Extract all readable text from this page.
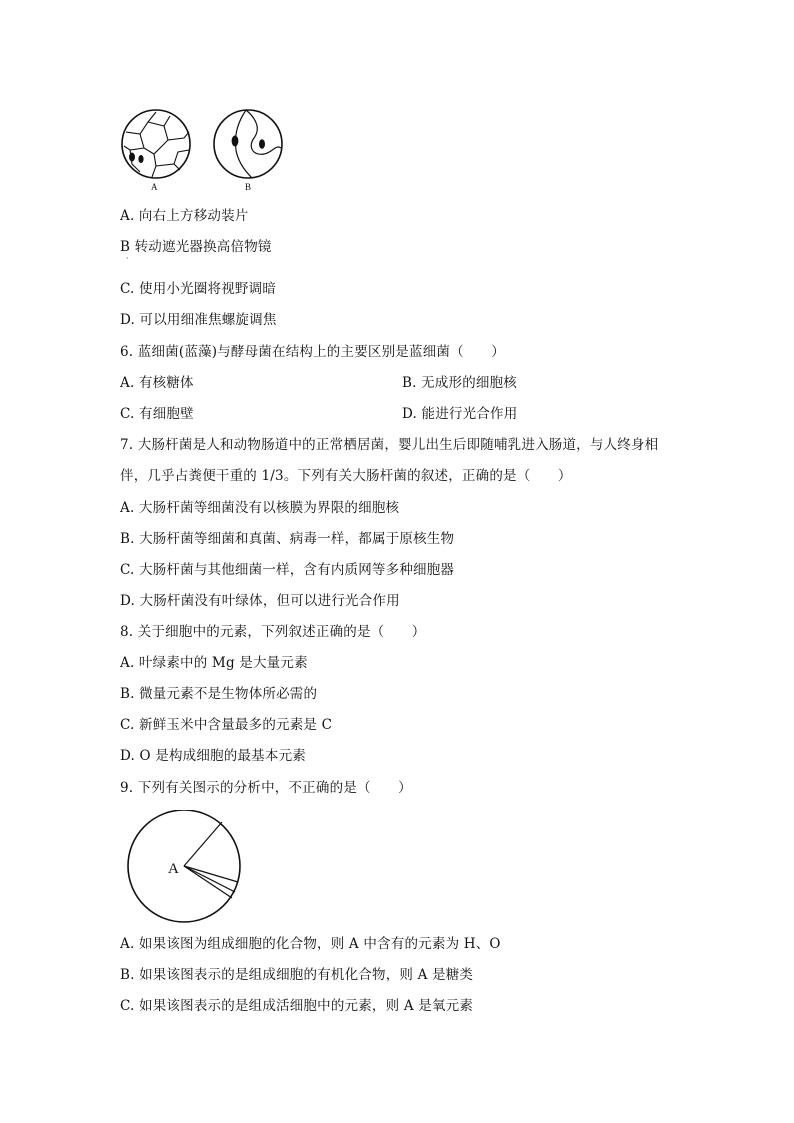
A	B
A. 向右上方移动装片
B 转动遮光器换高倍物镜
·
C. 使用小光圈将视野调暗
D. 可以用细准焦螺旋调焦
6. 蓝细菌(蓝藻)与酵母菌在结构上的主要区别是蓝细菌（　　）
A. 有核糖体	B. 无成形的细胞核
C. 有细胞壁	D. 能进行光合作用
7. 大肠杆菌是人和动物肠道中的正常栖居菌，婴儿出生后即随哺乳进入肠道，与人终身相
伴，几乎占粪便干重的 1/3。下列有关大肠杆菌的叙述，正确的是（　　）
A. 大肠杆菌等细菌没有以核膜为界限的细胞核
B. 大肠杆菌等细菌和真菌、病毒一样，都属于原核生物
C. 大肠杆菌与其他细菌一样，含有内质网等多种细胞器
D. 大肠杆菌没有叶绿体，但可以进行光合作用
8. 关于细胞中的元素，下列叙述正确的是（　　）
A. 叶绿素中的 Mg 是大量元素
B. 微量元素不是生物体所必需的
C. 新鲜玉米中含量最多的元素是 C
D. O 是构成细胞的最基本元素
9. 下列有关图示的分析中，不正确的是（　　）
A
A. 如果该图为组成细胞的化合物，则 A 中含有的元素为 H、O
B. 如果该图表示的是组成细胞的有机化合物，则 A 是糖类
C. 如果该图表示的是组成活细胞中的元素，则 A 是氧元素
